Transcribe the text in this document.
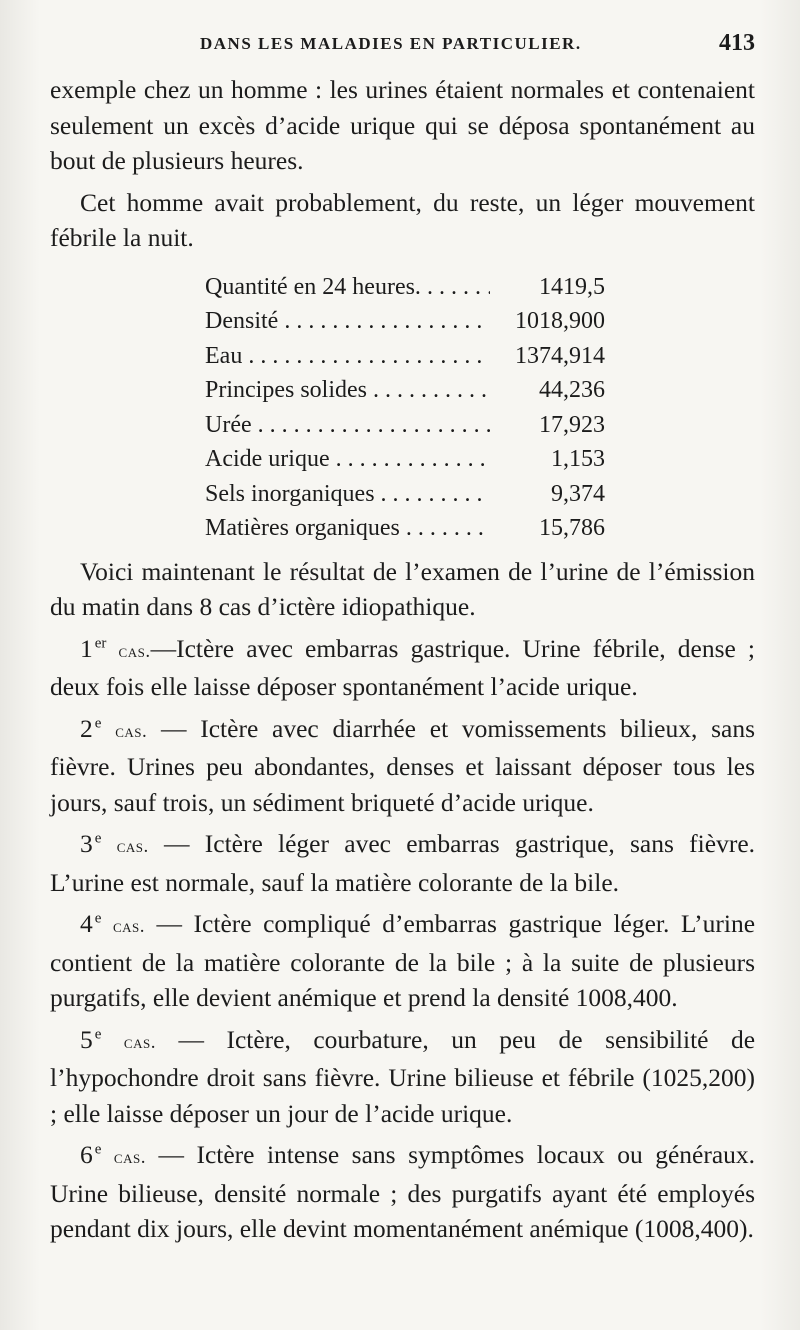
DANS LES MALADIES EN PARTICULIER.	413

exemple chez un homme : les urines étaient normales et contenaient seulement un excès d’acide urique qui se déposa spontanément au bout de plusieurs heures.

Cet homme avait probablement, du reste, un léger mouvement fébrile la nuit.

Quantité en 24 heures. . . .	1419,5
Densité . . .	1018,900
Eau . . .	1374,914
Principes solides . . .	44,236
Urée . . .	17,923
Acide urique . . .	1,153
Sels inorganiques . . .	9,374
Matières organiques . . .	15,786

Voici maintenant le résultat de l’examen de l’urine de l’émission du matin dans 8 cas d’ictère idiopathique.

1 $^{er}$ cas.—Ictère avec embarras gastrique. Urine fébrile, dense ; deux fois elle laisse déposer spontanément l’acide urique.

2 $^e$ cas. — Ictère avec diarrhée et vomissements bilieux, sans fièvre. Urines peu abondantes, denses et laissant déposer tous les jours, sauf trois, un sédiment briqueté d’acide urique.

3 $^e$ cas. — Ictère léger avec embarras gastrique, sans fièvre. L’urine est normale, sauf la matière colorante de la bile.

4 $^e$ cas. — Ictère compliqué d’embarras gastrique léger. L’urine contient de la matière colorante de la bile ; à la suite de plusieurs purgatifs, elle devient anémique et prend la densité 1008,400.

5 $^e$ cas. — Ictère, courbature, un peu de sensibilité de l’hypochondre droit sans fièvre. Urine bilieuse et fébrile (1025,200) ; elle laisse déposer un jour de l’acide urique.

6 $^e$ cas. — Ictère intense sans symptômes locaux ou généraux. Urine bilieuse, densité normale ; des purgatifs ayant été employés pendant dix jours, elle devint momentanément anémique (1008,400).
